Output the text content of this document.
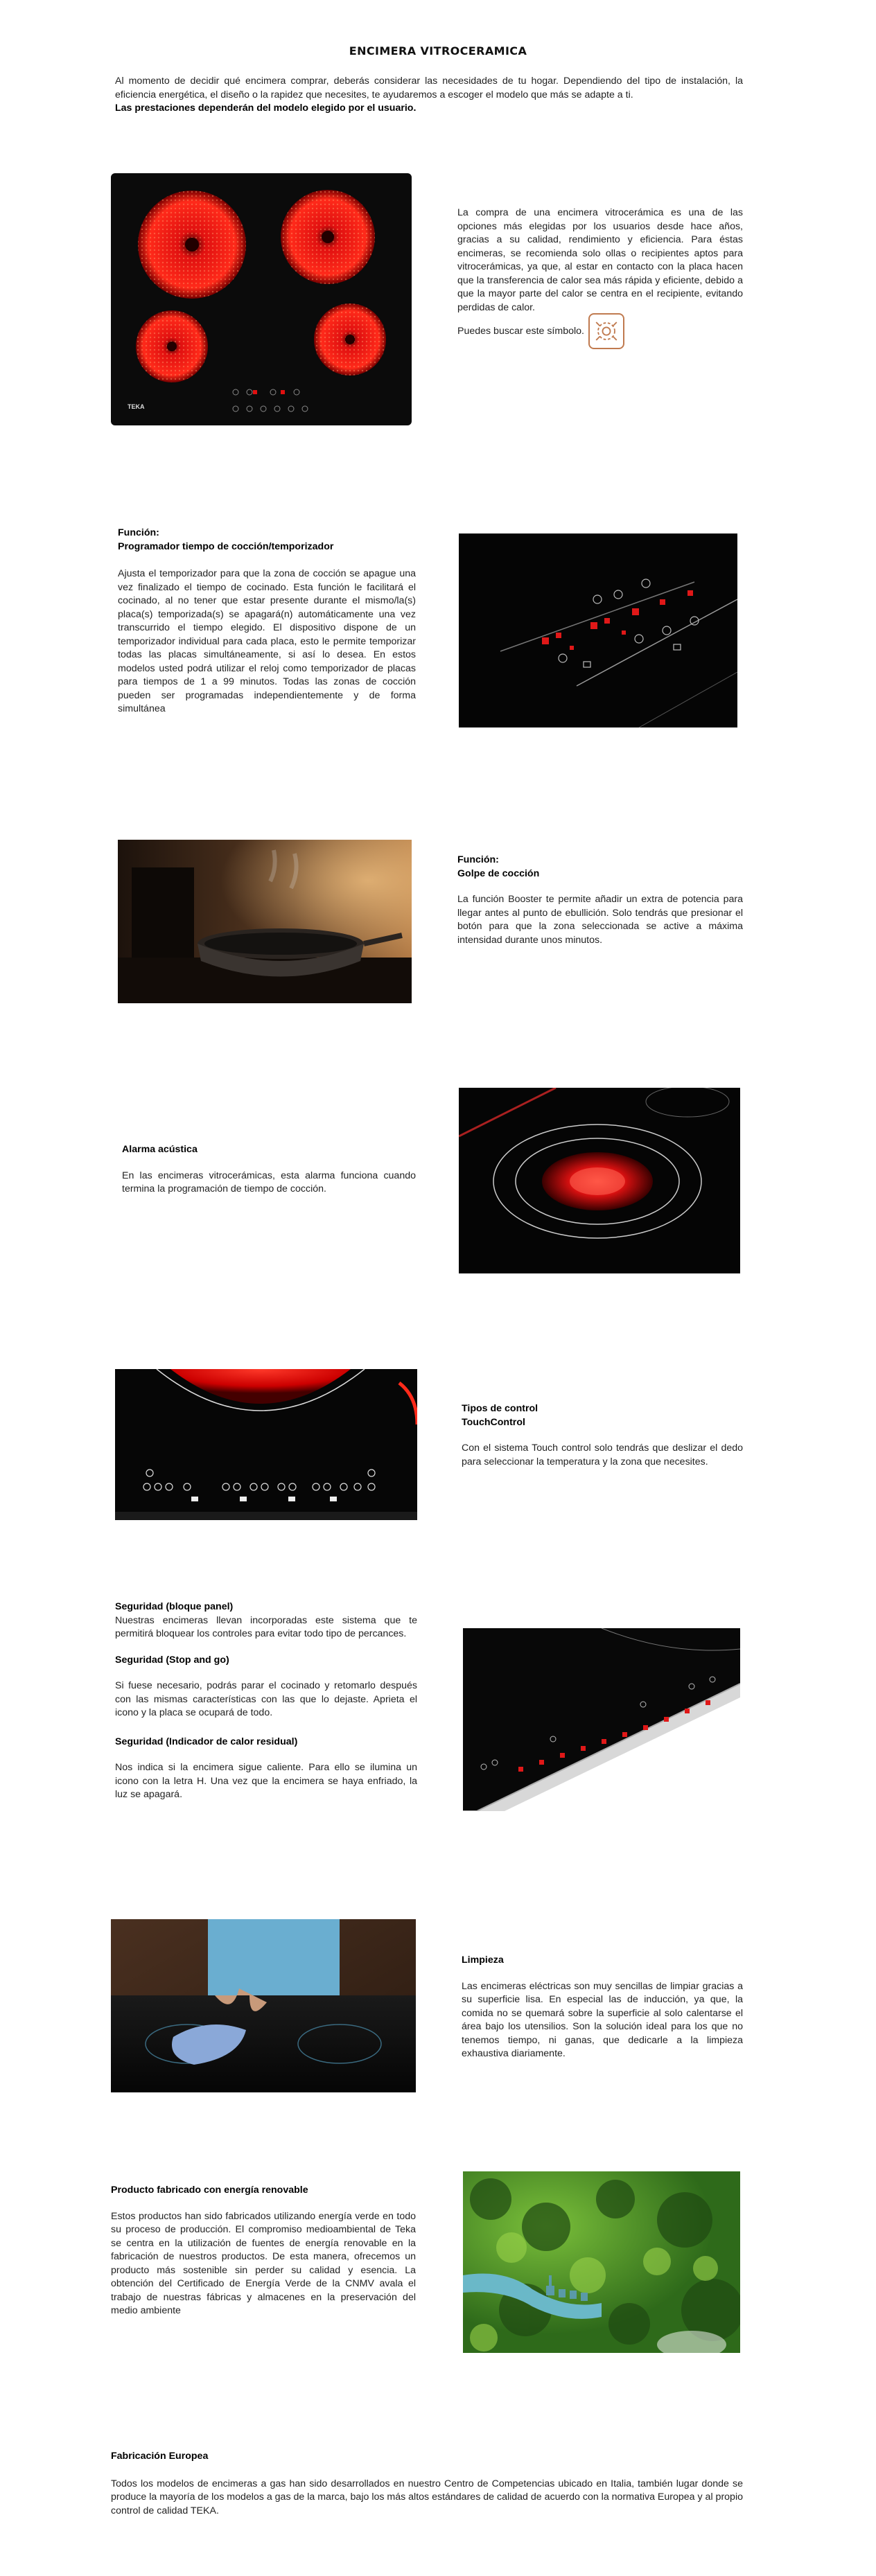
ENCIMERA VITROCERAMICA

Al momento de decidir qué encimera comprar, deberás considerar las necesidades de tu hogar. Dependiendo del tipo de instalación, la eficiencia energética, el diseño o la rapidez que necesites, te ayudaremos a escoger el modelo que más se adapte a ti.

Las prestaciones dependerán del modelo elegido por el usuario.

TEKA

La compra de una encimera vitrocerámica es una de las opciones más elegidas por los usuarios desde hace años, gracias a su calidad, rendimiento y eficiencia. Para éstas encimeras, se recomienda solo ollas o recipientes aptos para vitrocerámicas, ya que, al estar en contacto con la placa hacen que la transferencia de calor sea más rápida y eficiente, debido a que la mayor parte del calor se centra en el recipiente, evitando perdidas de calor.

Puedes buscar este símbolo.

Función:
Programador tiempo de cocción/temporizador
Ajusta el temporizador para que la zona de cocción se apague una vez finalizado el tiempo de cocinado. Esta función le facilitará el cocinado, al no tener que estar presente durante el mismo/la(s) placa(s) temporizada(s) se apagará(n) automáticamente una vez transcurrido el tiempo elegido. El dispositivo dispone de un temporizador individual para cada placa, esto le permite temporizar todas las placas simultáneamente, si así lo desea. En estos modelos usted podrá utilizar el reloj como temporizador de placas para tiempos de 1 a 99 minutos. Todas las zonas de cocción pueden ser programadas independientemente y de forma simultánea
Función:
Golpe de cocción
La función Booster te permite añadir un extra de potencia para llegar antes al punto de ebullición. Solo tendrás que presionar el botón para que la zona seleccionada se active a máxima intensidad durante unos minutos.
Alarma acústica
En las encimeras vitrocerámicas, esta alarma funciona cuando termina la programación de tiempo de cocción.
Tipos de control
TouchControl
Con el sistema Touch control solo tendrás que deslizar el dedo para seleccionar la temperatura y la zona que necesites.
Seguridad (bloque panel)
Nuestras encimeras llevan incorporadas este sistema que te permitirá bloquear los controles para evitar todo tipo de percances.
Seguridad (Stop and go)
Si fuese necesario, podrás parar el cocinado y retomarlo después con las mismas características con las que lo dejaste. Aprieta el icono y la placa se ocupará de todo.
Seguridad (Indicador de calor residual)
Nos indica si la encimera sigue caliente. Para ello se ilumina un icono con la letra H. Una vez que la encimera se haya enfriado, la luz se apagará.
Limpieza
Las encimeras eléctricas son muy sencillas de limpiar gracias a su superficie lisa. En especial las de inducción, ya que, la comida no se quemará sobre la superficie al solo calentarse el área bajo los utensilios. Son la solución ideal para los que no tenemos tiempo, ni ganas, que dedicarle a la limpieza exhaustiva diariamente.
Producto fabricado con energía renovable
Estos productos han sido fabricados utilizando energía verde en todo su proceso de producción. El compromiso medioambiental de Teka se centra en la utilización de fuentes de energía renovable en la fabricación de nuestros productos. De esta manera, ofrecemos un producto más sostenible sin perder su calidad y esencia. La obtención del Certificado de Energía Verde de la CNMV avala el trabajo de nuestras fábricas y almacenes en la preservación del medio ambiente
Fabricación Europea
Todos los modelos de encimeras a gas han sido desarrollados en nuestro Centro de Competencias ubicado en Italia, también lugar donde se produce la mayoría de los modelos a gas de la marca, bajo los más altos estándares de calidad de acuerdo con la normativa Europea y al propio control de calidad TEKA.
